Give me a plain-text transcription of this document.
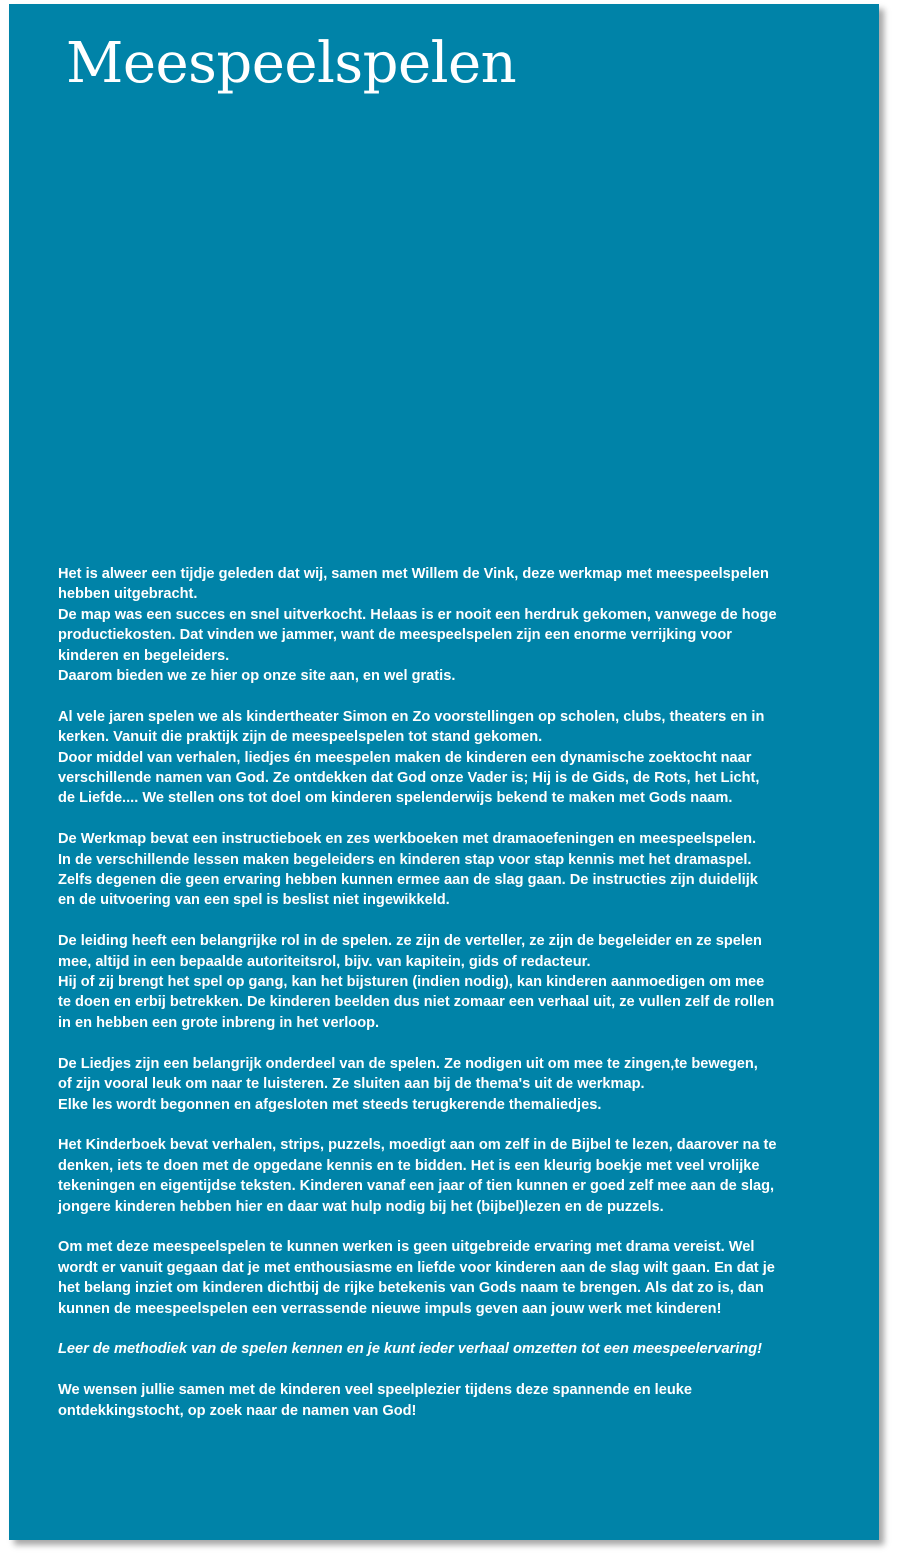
Meespeelspelen

Het is alweer een tijdje geleden dat wij, samen met Willem de Vink, deze werkmap met meespeelspelen
hebben uitgebracht.
De map was een succes en snel uitverkocht. Helaas is er nooit een herdruk gekomen, vanwege de hoge
productiekosten. Dat vinden we jammer, want de meespeelspelen zijn een enorme verrijking voor
kinderen en begeleiders.
Daarom bieden we ze hier op onze site aan, en wel gratis.

Al vele jaren spelen we als kindertheater Simon en Zo voorstellingen op scholen, clubs, theaters en in
kerken. Vanuit die praktijk zijn de meespeelspelen tot stand gekomen.
Door middel van verhalen, liedjes én meespelen maken de kinderen een dynamische zoektocht naar
verschillende namen van God. Ze ontdekken dat God onze Vader is; Hij is de Gids, de Rots, het Licht,
de Liefde.... We stellen ons tot doel om kinderen spelenderwijs bekend te maken met Gods naam.

De Werkmap bevat een instructieboek en zes werkboeken met dramaoefeningen en meespeelspelen.
In de verschillende lessen maken begeleiders en kinderen stap voor stap kennis met het dramaspel.
Zelfs degenen die geen ervaring hebben kunnen ermee aan de slag gaan. De instructies zijn duidelijk
en de uitvoering van een spel is beslist niet ingewikkeld.

De leiding heeft een belangrijke rol in de spelen. ze zijn de verteller, ze zijn de begeleider en ze spelen
mee, altijd in een bepaalde autoriteitsrol, bijv. van kapitein, gids of redacteur.
Hij of zij brengt het spel op gang, kan het bijsturen (indien nodig), kan kinderen aanmoedigen om mee
te doen en erbij betrekken. De kinderen beelden dus niet zomaar een verhaal uit, ze vullen zelf de rollen
in en hebben een grote inbreng in het verloop.

De Liedjes zijn een belangrijk onderdeel van de spelen. Ze nodigen uit om mee te zingen,te bewegen,
of zijn vooral leuk om naar te luisteren. Ze sluiten aan bij de thema's uit de werkmap.
Elke les wordt begonnen en afgesloten met steeds terugkerende themaliedjes.

Het Kinderboek bevat verhalen, strips, puzzels, moedigt aan om zelf in de Bijbel te lezen, daarover na te
denken, iets te doen met de opgedane kennis en te bidden. Het is een kleurig boekje met veel vrolijke
tekeningen en eigentijdse teksten. Kinderen vanaf een jaar of tien kunnen er goed zelf mee aan de slag,
jongere kinderen hebben hier en daar wat hulp nodig bij het (bijbel)lezen en de puzzels.

Om met deze meespeelspelen te kunnen werken is geen uitgebreide ervaring met drama vereist. Wel
wordt er vanuit gegaan dat je met enthousiasme en liefde voor kinderen aan de slag wilt gaan. En dat je
het belang inziet om kinderen dichtbij de rijke betekenis van Gods naam te brengen. Als dat zo is, dan
kunnen de meespeelspelen een verrassende nieuwe impuls geven aan jouw werk met kinderen!

Leer de methodiek van de spelen kennen en je kunt ieder verhaal omzetten tot een meespeelervaring!

We wensen jullie samen met de kinderen veel speelplezier tijdens deze spannende en leuke
ontdekkingstocht, op zoek naar de namen van God!
